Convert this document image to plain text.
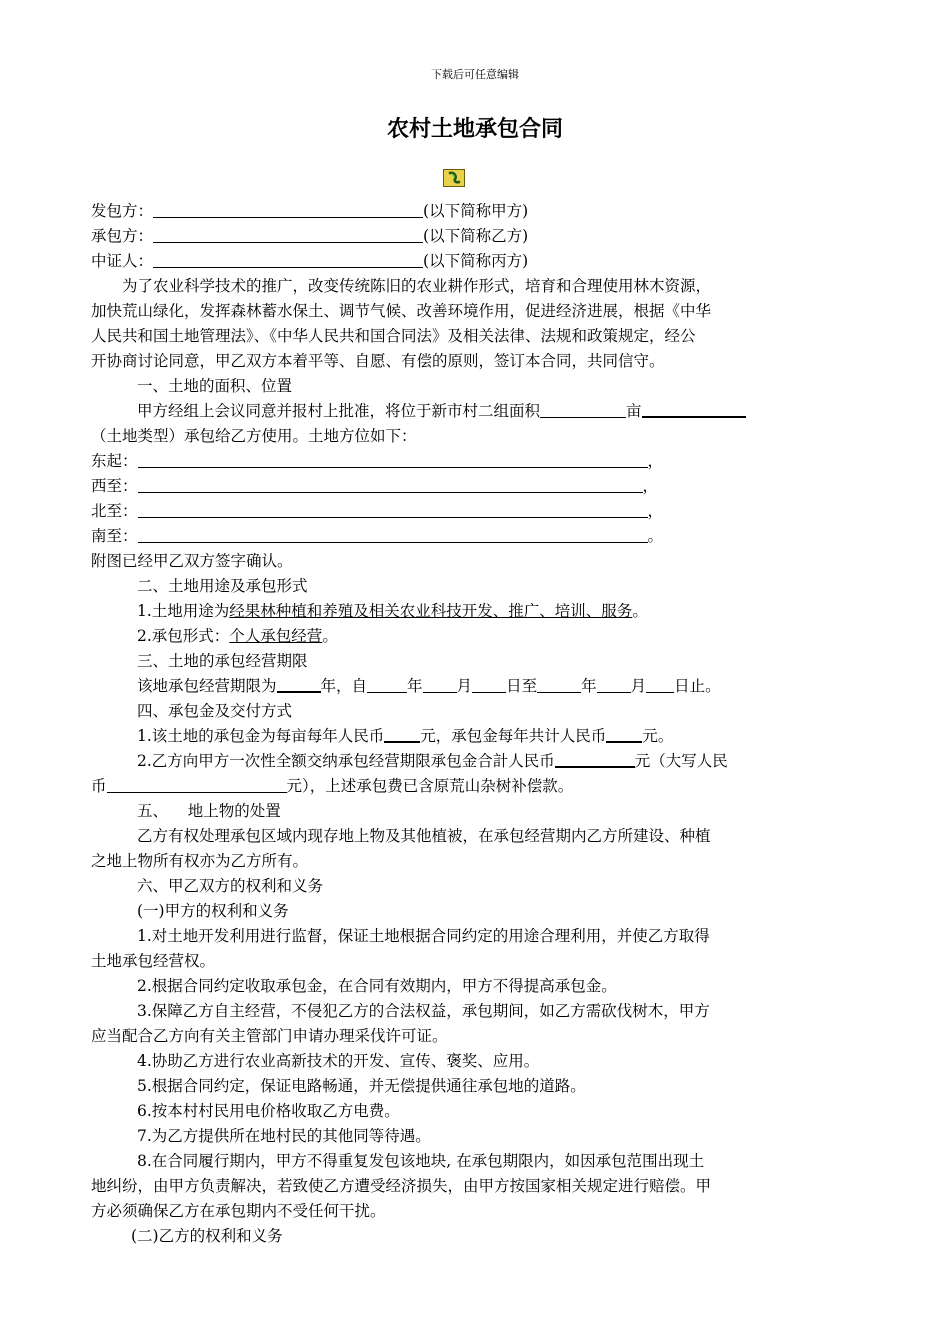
下载后可任意编辑
农村土地承包合同
发包方：	(以下简称甲方)
承包方：	(以下简称乙方)
中证人：	(以下简称丙方)
为了农业科学技术的推广，改变传统陈旧的农业耕作形式，培育和合理使用林木资源，
加快荒山绿化，发挥森林蓄水保土、调节气候、改善环境作用，促进经济进展，根据《中华
人民共和国土地管理法》、《中华人民共和国合同法》及相关法律、法规和政策规定，经公
开协商讨论同意，甲乙双方本着平等、自愿、有偿的原则，签订本合同，共同信守。
一、土地的面积、位置
甲方经组上会议同意并报村上批准，将位于新市村二组面积	亩
（土地类型）承包给乙方使用。土地方位如下：
东起：	，
西至：	，
北至：	，
南至：	。
附图已经甲乙双方签字确认。
二、土地用途及承包形式
1.土地用途为经果林种植和养殖及相关农业科技开发、推广、培训、服务。
2.承包形式：个人承包经营。
三、土地的承包经营期限
该地承包经营期限为	年，自	年 月 日至	年 月 日止。
四、承包金及交付方式
1.该土地的承包金为每亩每年人民币 元，承包金每年共计人民币 元。
2.乙方向甲方一次性全额交纳承包经营期限承包金合計人民币	元（大写人民
币	元），上述承包费已含原荒山杂树补偿款。
五、    地上物的处置
乙方有权处理承包区域内现存地上物及其他植被，在承包经营期内乙方所建设、种植
之地上物所有权亦为乙方所有。
六、甲乙双方的权利和义务
(一)甲方的权利和义务
1.对土地开发利用进行监督，保证土地根据合同约定的用途合理利用，并使乙方取得
土地承包经营权。
2.根据合同约定收取承包金，在合同有效期内，甲方不得提高承包金。
3.保障乙方自主经营，不侵犯乙方的合法权益，承包期间，如乙方需砍伐树木，甲方
应当配合乙方向有关主管部门申请办理采伐许可证。
4.协助乙方进行农业高新技术的开发、宣传、褒奖、应用。
5.根据合同约定，保证电路畅通，并无偿提供通往承包地的道路。
6.按本村村民用电价格收取乙方电费。
7.为乙方提供所在地村民的其他同等待遇。
8.在合同履行期内，甲方不得重复发包该地块, 在承包期限内，如因承包范围出现土
地纠纷，由甲方负责解决，若致使乙方遭受经济损失，由甲方按国家相关规定进行赔偿。甲
方必须确保乙方在承包期内不受任何干扰。
(二)乙方的权利和义务
